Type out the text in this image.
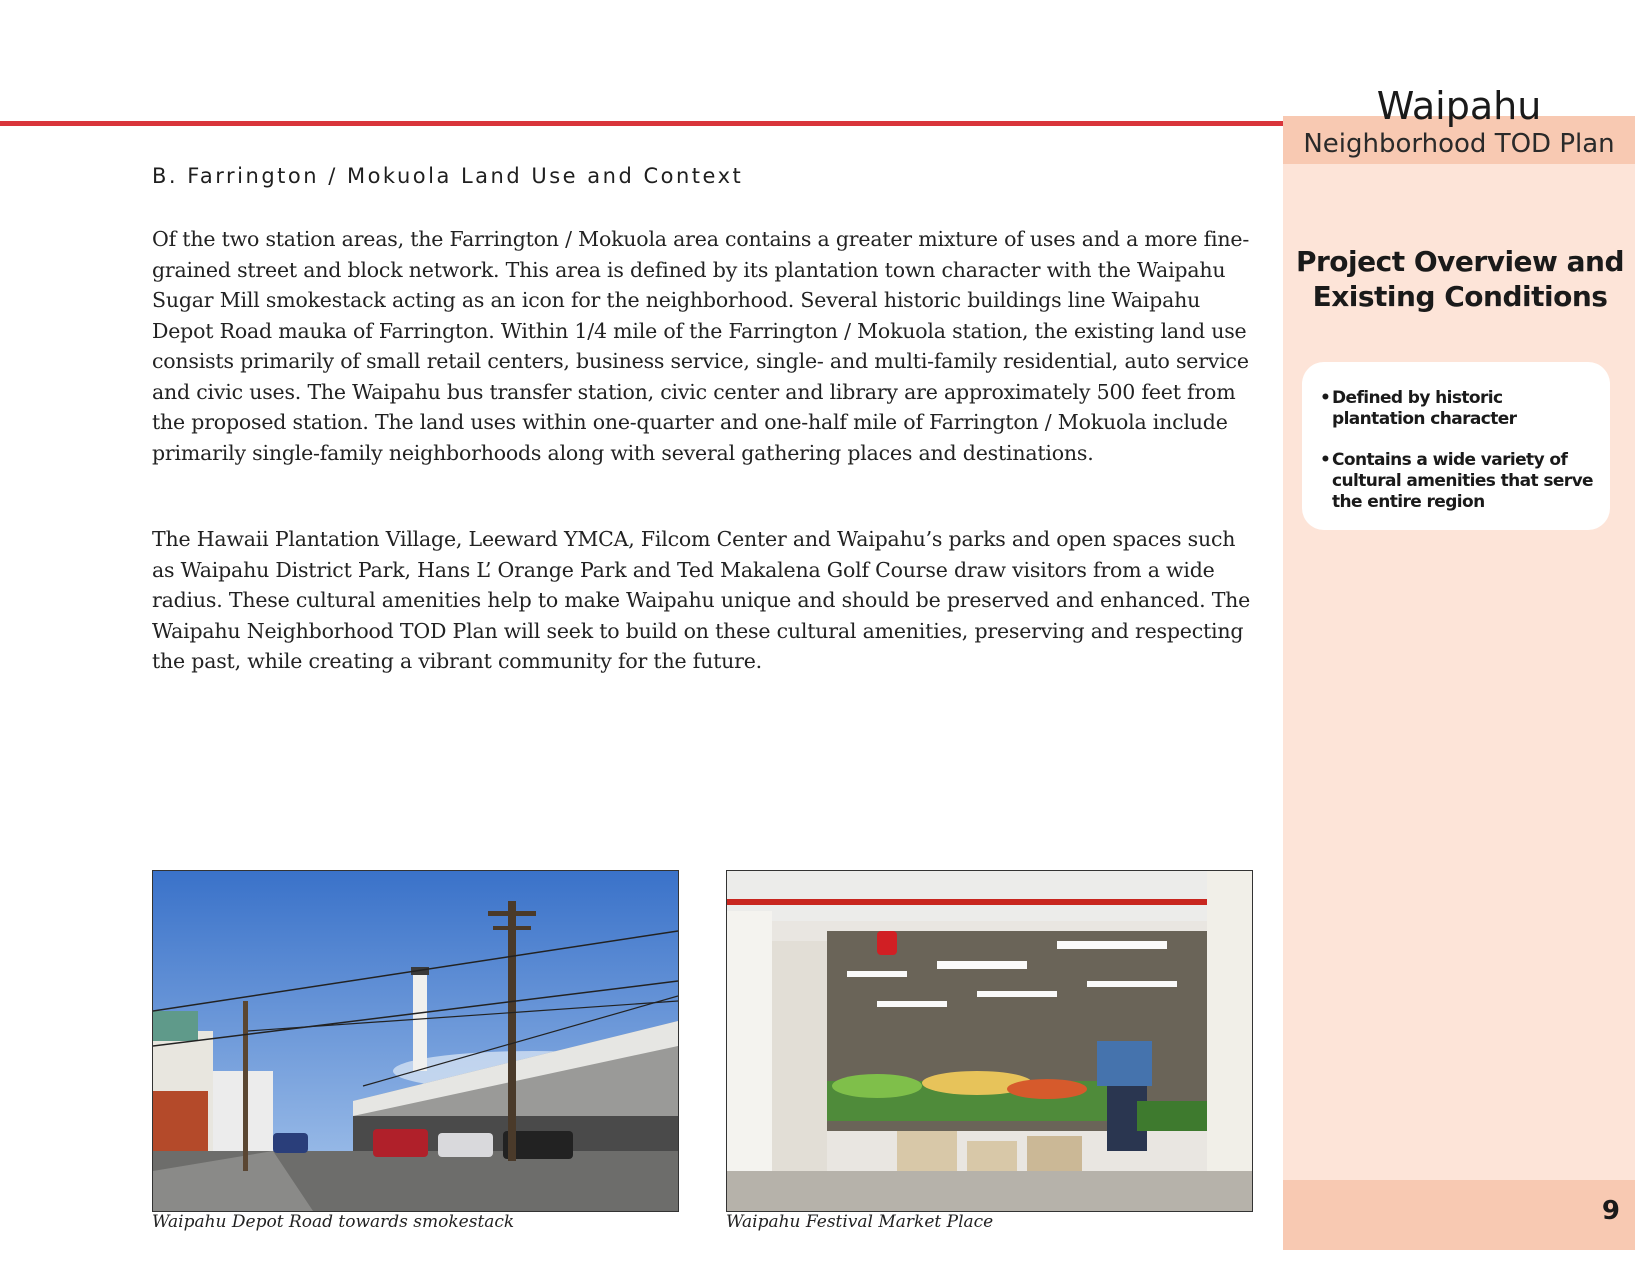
Waipahu
Neighborhood TOD Plan
Project Overview and
Existing Conditions
• Defined by historic plantation character
• Contains a wide variety of cultural amenities that serve the entire region
9
B. Farrington / Mokuola Land Use and Context

Of the two station areas, the Farrington / Mokuola area contains a greater mixture of uses and a more fine-grained street and block network. This area is defined by its plantation town character with the Waipahu Sugar Mill smokestack acting as an icon for the neighborhood. Several historic buildings line Waipahu Depot Road mauka of Farrington. Within 1/4 mile of the Farrington / Mokuola station, the existing land use consists primarily of small retail centers, business service, single- and multi-family residential, auto service and civic uses. The Waipahu bus transfer station, civic center and library are approximately 500 feet from the proposed station. The land uses within one-quarter and one-half mile of Farrington / Mokuola include primarily single-family neighborhoods along with several gathering places and destinations.

The Hawaii Plantation Village, Leeward YMCA, Filcom Center and Waipahu’s parks and open spaces such as Waipahu District Park, Hans L’ Orange Park and Ted Makalena Golf Course draw visitors from a wide radius. These cultural amenities help to make Waipahu unique and should be preserved and enhanced. The Waipahu Neighborhood TOD Plan will seek to build on these cultural amenities, preserving and respecting the past, while creating a vibrant community for the future.

Waipahu Depot Road towards smokestack	Waipahu Festival Market Place
